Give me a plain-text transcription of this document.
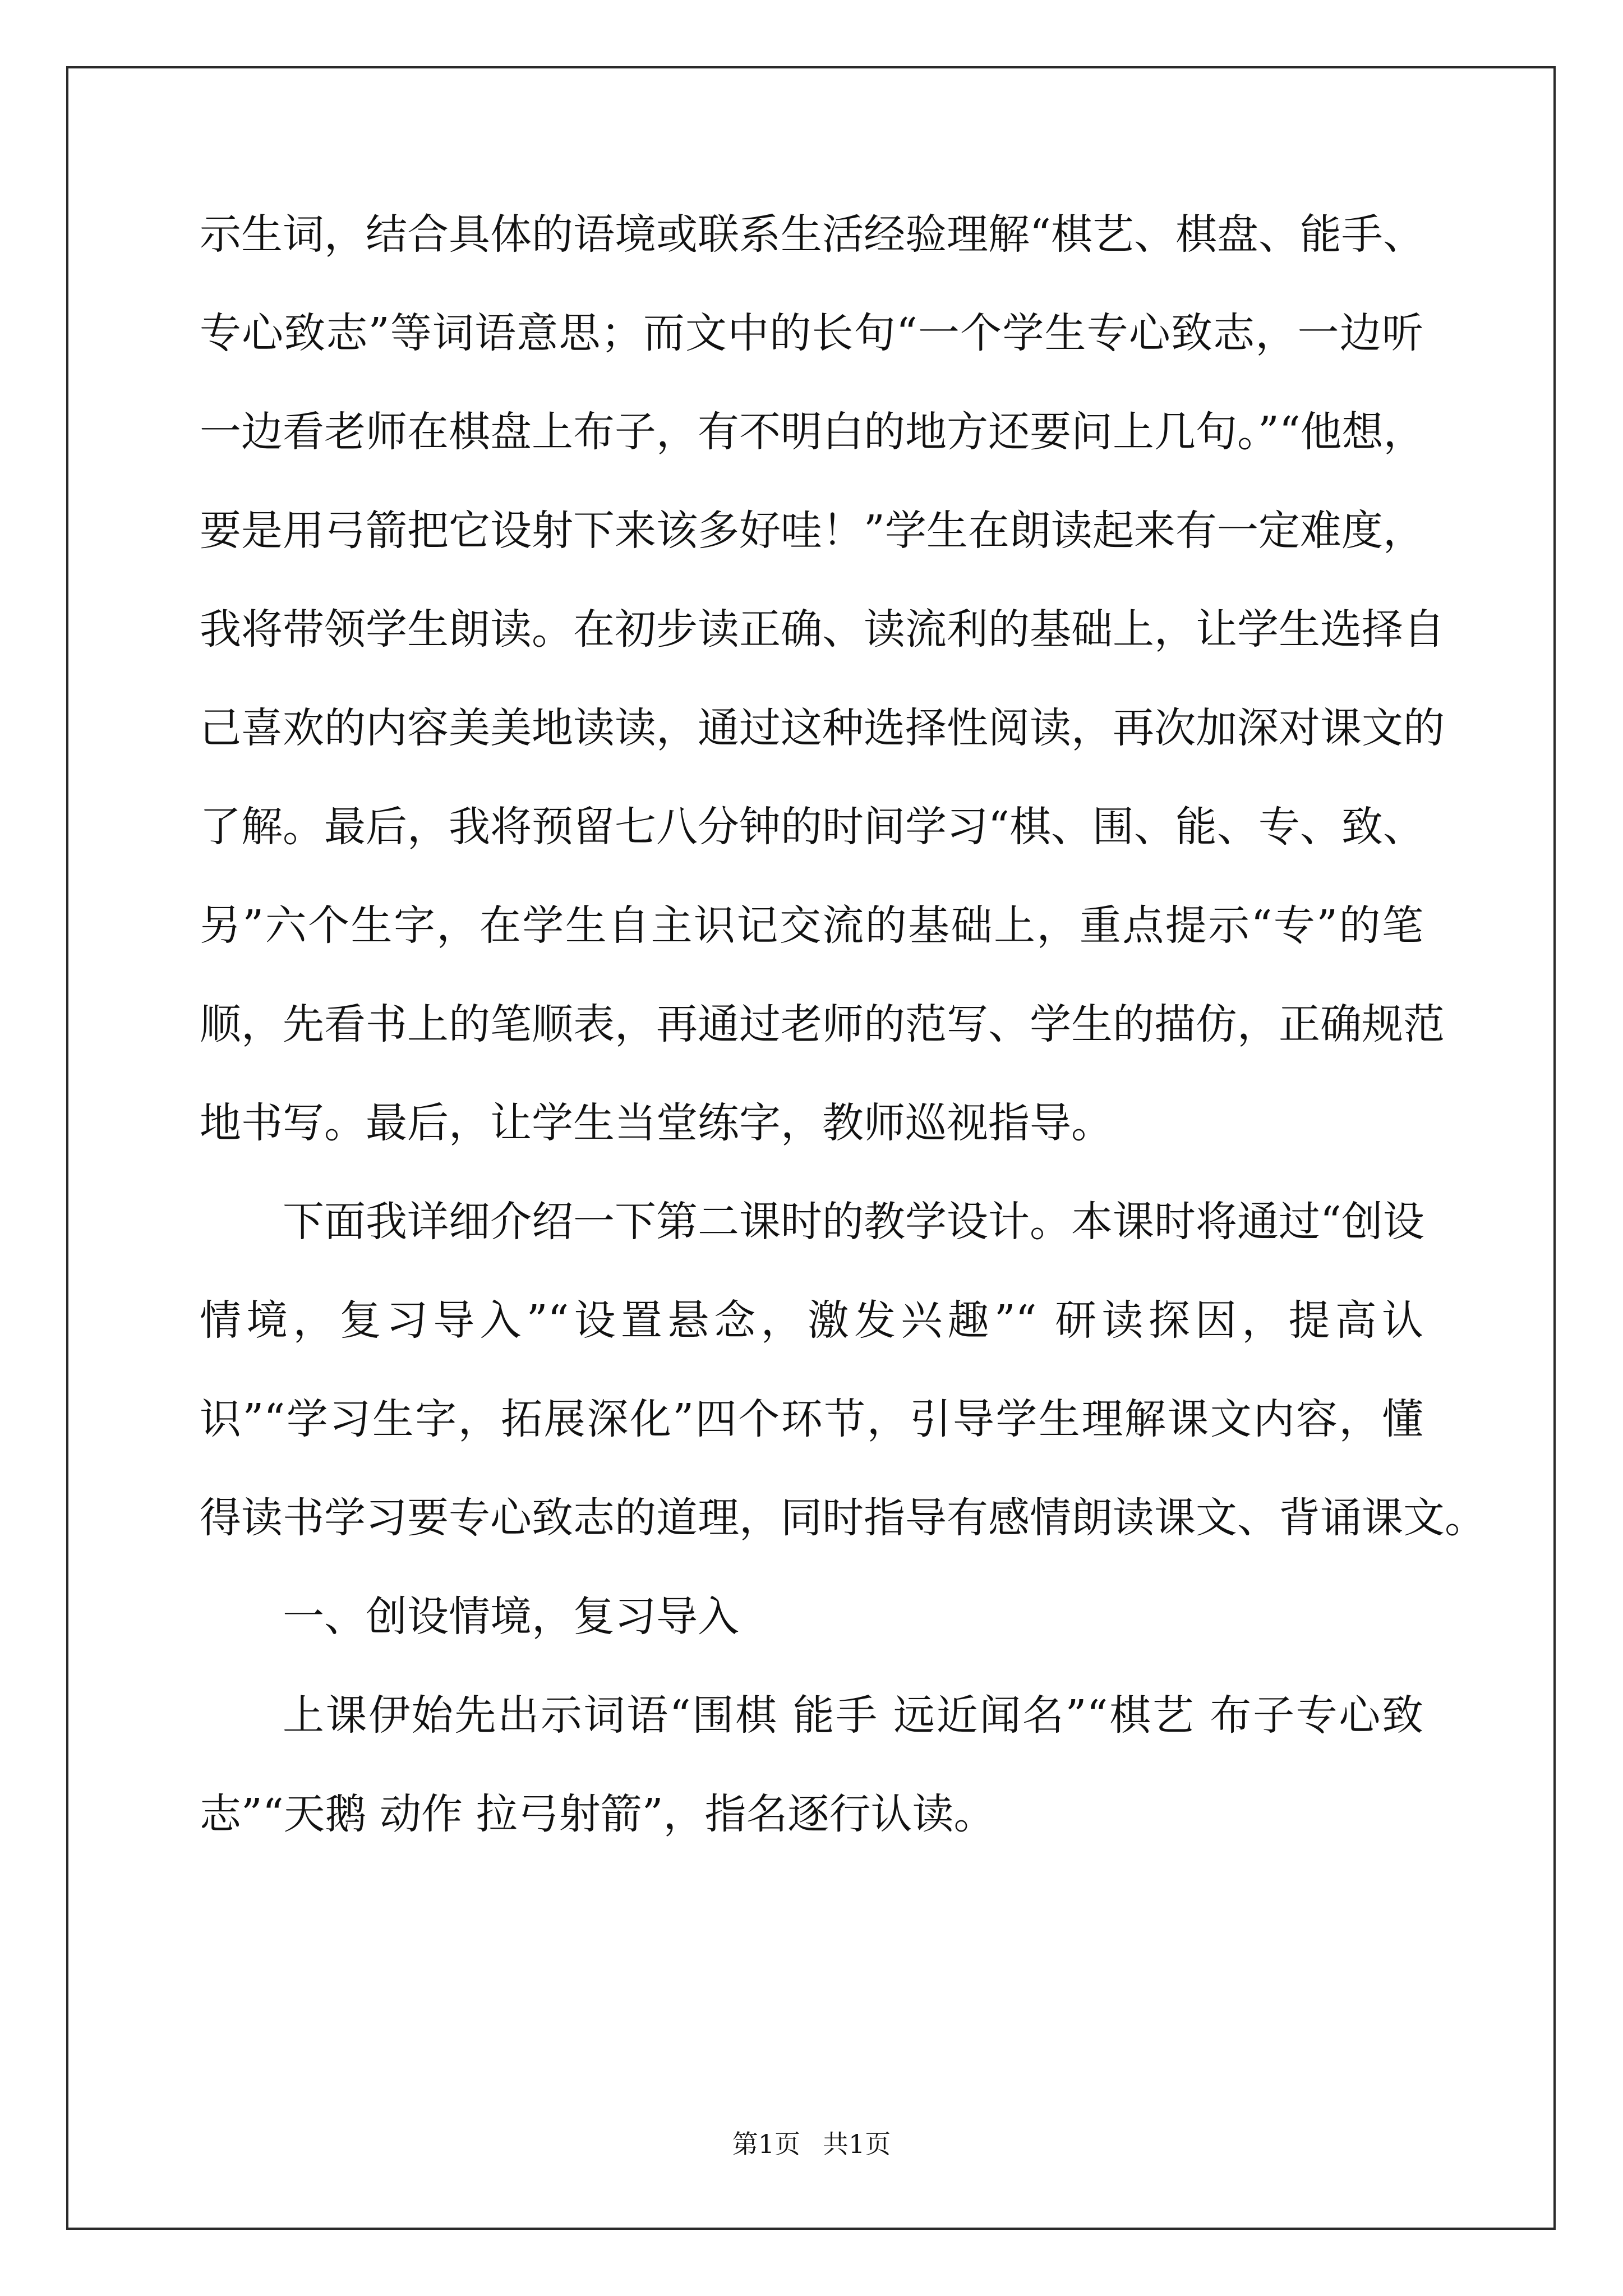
示生词，结合具体的语境或联系生活经验理解“棋艺、棋盘、能手、
专心致志”等词语意思；而文中的长句“一个学生专心致志，一边听
一边看老师在棋盘上布子，有不明白的地方还要问上几句。”“他想，
要是用弓箭把它设射下来该多好哇！”学生在朗读起来有一定难度，
我将带领学生朗读。在初步读正确、读流利的基础上，让学生选择自
己喜欢的内容美美地读读，通过这种选择性阅读，再次加深对课文的
了解。最后，我将预留七八分钟的时间学习“棋、围、能、专、致、
另”六个生字，在学生自主识记交流的基础上，重点提示“专”的笔
顺，先看书上的笔顺表，再通过老师的范写、学生的描仿，正确规范
地书写。最后，让学生当堂练字，教师巡视指导。
下面我详细介绍一下第二课时的教学设计。本课时将通过“创设
情境，复习导入”“设置悬念，激发兴趣”“ 研读探因，提高认
识”“学习生字，拓展深化”四个环节，引导学生理解课文内容，懂
得读书学习要专心致志的道理，同时指导有感情朗读课文、背诵课文。
一、创设情境，复习导入
上课伊始先出示词语“围棋 能手 远近闻名”“棋艺 布子专心致
志”“天鹅 动作 拉弓射箭”，指名逐行认读。
第1页 共1页
